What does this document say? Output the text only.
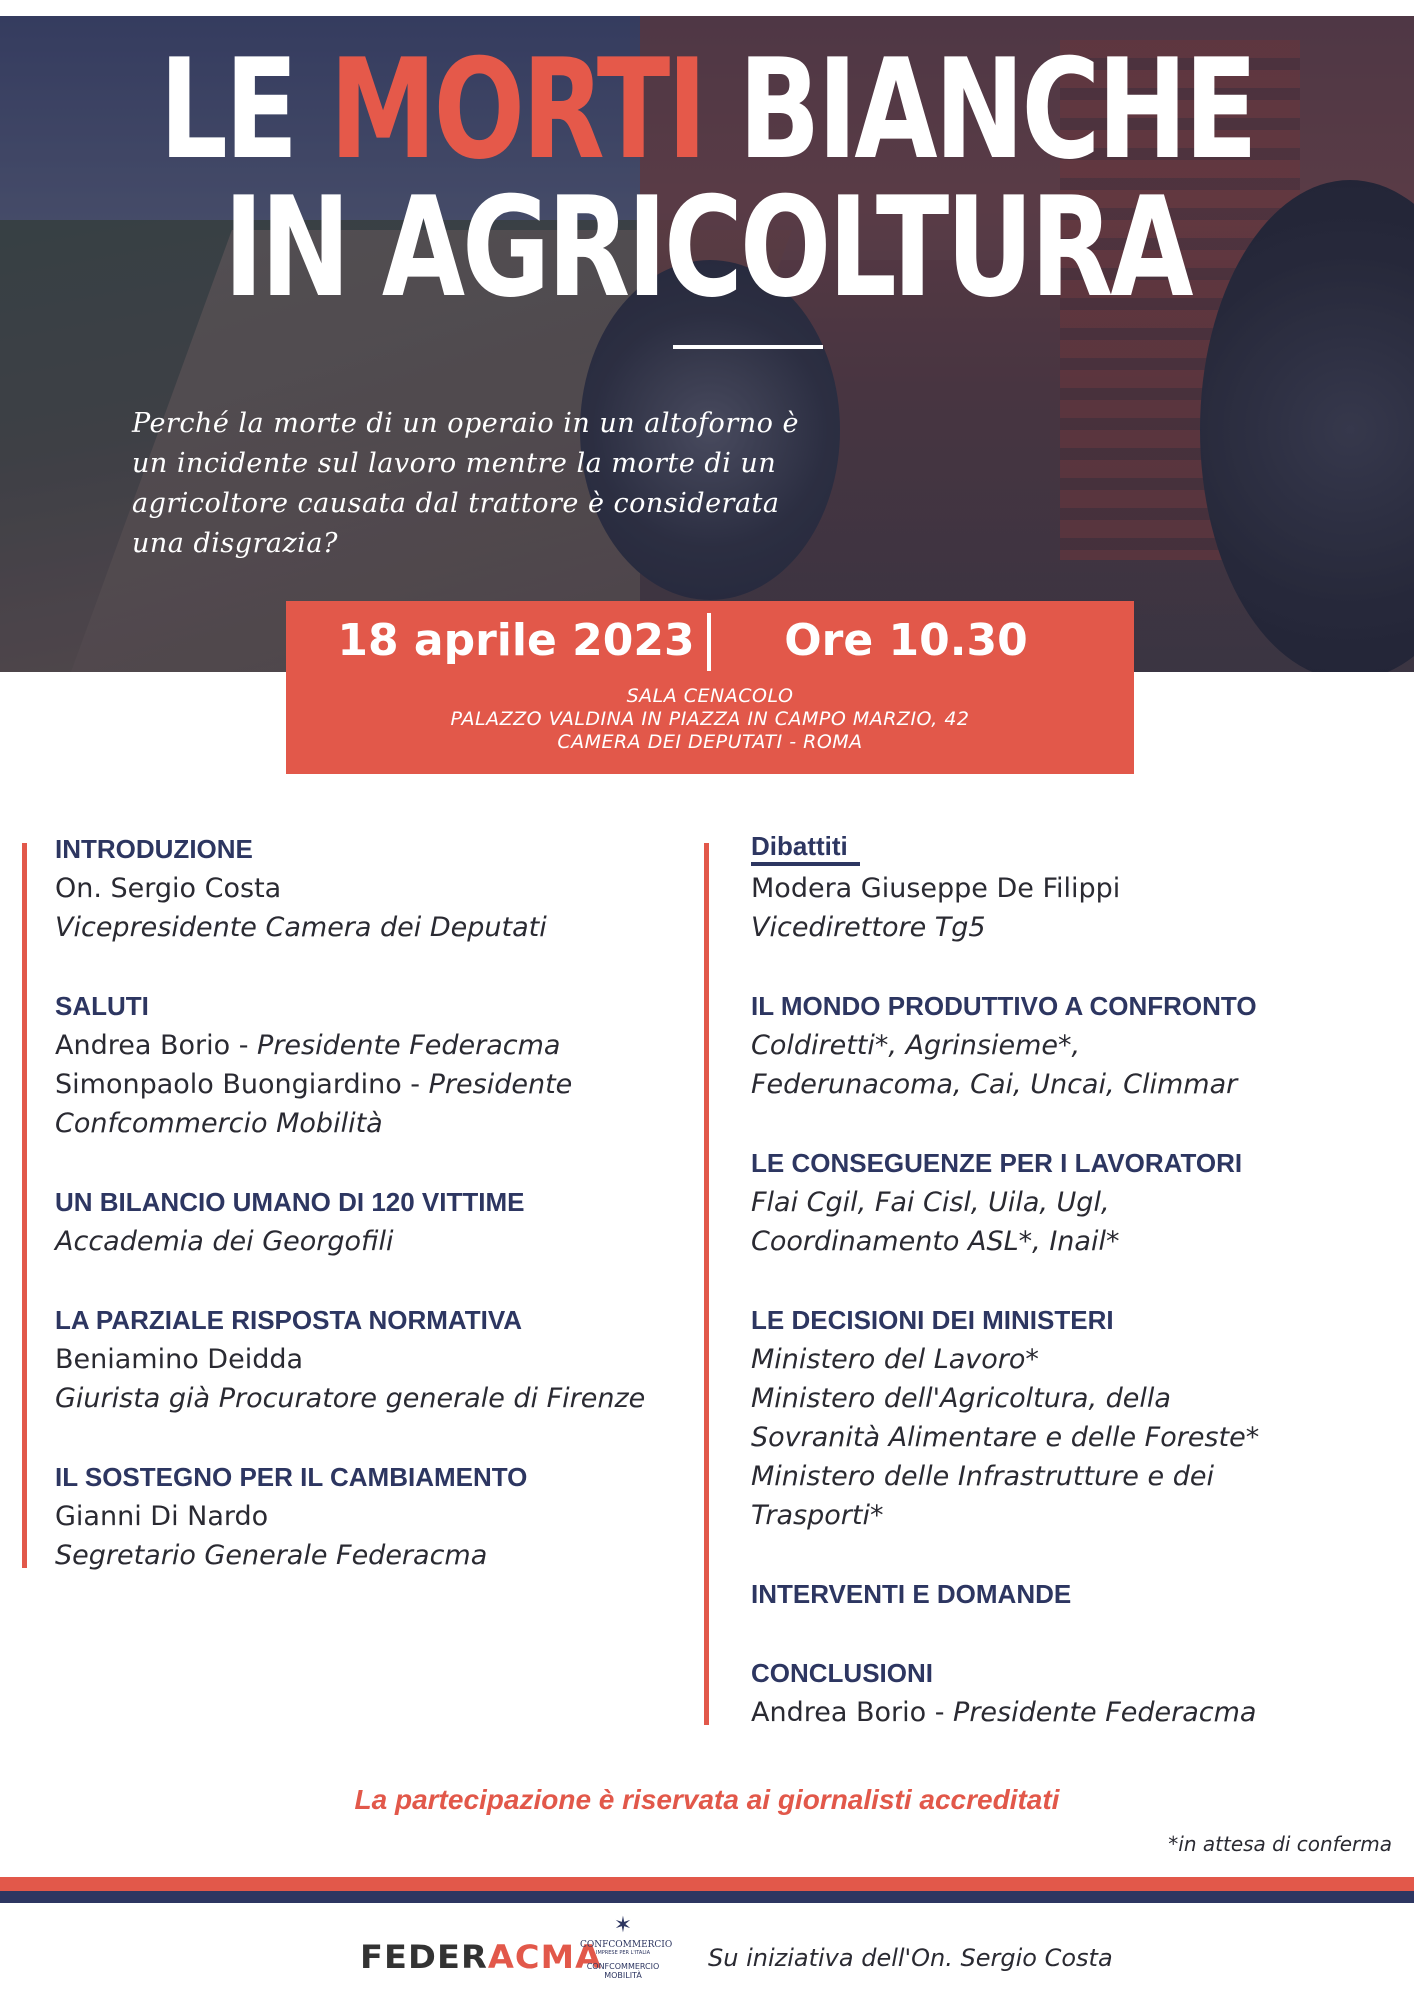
LE MORTI BIANCHE
IN AGRICOLTURA
Perché la morte di un operaio in un altoforno è
un incidente sul lavoro mentre la morte di un
agricoltore causata dal trattore è considerata
una disgrazia?
18 aprile 2023	Ore 10.30
SALA CENACOLO
PALAZZO VALDINA IN PIAZZA IN CAMPO MARZIO, 42
CAMERA DEI DEPUTATI - ROMA
INTRODUZIONE
On. Sergio Costa
Vicepresidente Camera dei Deputati
SALUTI
Andrea Borio - Presidente Federacma
Simonpaolo Buongiardino - Presidente
Confcommercio Mobilità
UN BILANCIO UMANO DI 120 VITTIME
Accademia dei Georgofili
LA PARZIALE RISPOSTA NORMATIVA
Beniamino Deidda
Giurista già Procuratore generale di Firenze
IL SOSTEGNO PER IL CAMBIAMENTO
Gianni Di Nardo
Segretario Generale Federacma
Dibattiti
Modera Giuseppe De Filippi
Vicedirettore Tg5
IL MONDO PRODUTTIVO A CONFRONTO
Coldiretti*, Agrinsieme*,
Federunacoma, Cai, Uncai, Climmar
LE CONSEGUENZE PER I LAVORATORI
Flai Cgil, Fai Cisl, Uila, Ugl,
Coordinamento ASL*, Inail*
LE DECISIONI DEI MINISTERI
Ministero del Lavoro*
Ministero dell'Agricoltura, della
Sovranità Alimentare e delle Foreste*
Ministero delle Infrastrutture e dei
Trasporti*
INTERVENTI E DOMANDE
CONCLUSIONI
Andrea Borio - Presidente Federacma
La partecipazione è riservata ai giornalisti accreditati
*in attesa di conferma
FEDERACMA
✶
CONFCOMMERCIO
IMPRESE PER L'ITALIA
CONFCOMMERCIO MOBILITÀ
Su iniziativa dell'On. Sergio Costa
